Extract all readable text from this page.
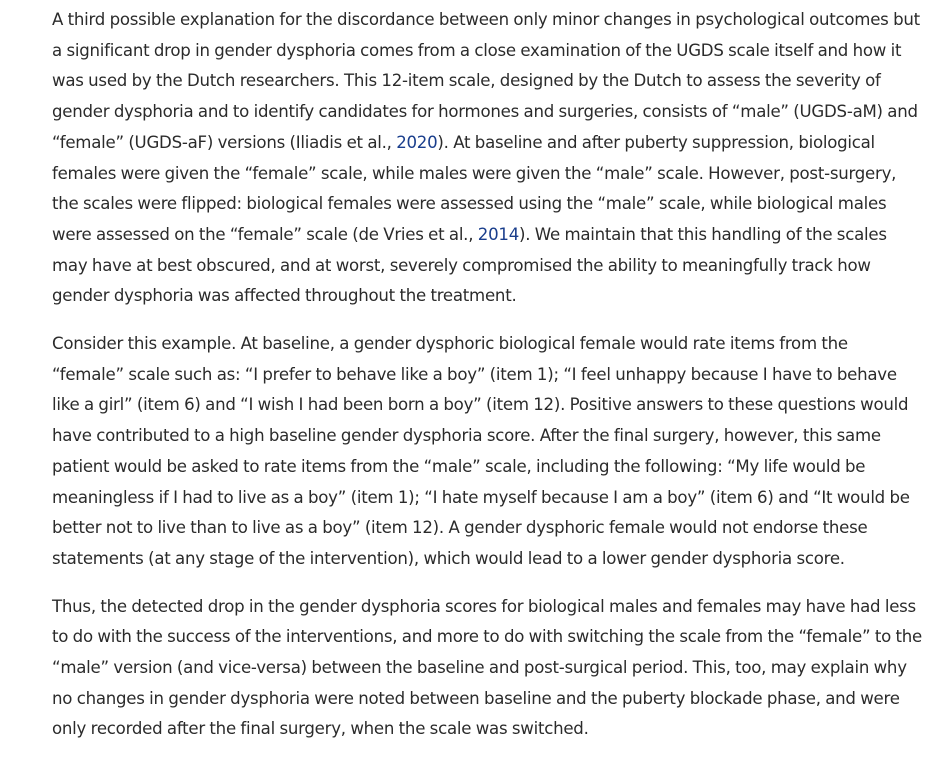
A third possible explanation for the discordance between only minor changes in psychological outcomes but a significant drop in gender dysphoria comes from a close examination of the UGDS scale itself and how it was used by the Dutch researchers. This 12-item scale, designed by the Dutch to assess the severity of gender dysphoria and to identify candidates for hormones and surgeries, consists of “male” (UGDS-aM) and “female” (UGDS-aF) versions (Iliadis et al., 2020). At baseline and after puberty suppression, biological females were given the “female” scale, while males were given the “male” scale. However, post-surgery, the scales were flipped: biological females were assessed using the “male” scale, while biological males were assessed on the “female” scale (de Vries et al., 2014). We maintain that this handling of the scales may have at best obscured, and at worst, severely compromised the ability to meaningfully track how gender dysphoria was affected throughout the treatment.

Consider this example. At baseline, a gender dysphoric biological female would rate items from the “female” scale such as: “I prefer to behave like a boy” (item 1); “I feel unhappy because I have to behave like a girl” (item 6) and “I wish I had been born a boy” (item 12). Positive answers to these questions would have contributed to a high baseline gender dysphoria score. After the final surgery, however, this same patient would be asked to rate items from the “male” scale, including the following: “My life would be meaningless if I had to live as a boy” (item 1); “I hate myself because I am a boy” (item 6) and “It would be better not to live than to live as a boy” (item 12). A gender dysphoric female would not endorse these statements (at any stage of the intervention), which would lead to a lower gender dysphoria score.

Thus, the detected drop in the gender dysphoria scores for biological males and females may have had less to do with the success of the interventions, and more to do with switching the scale from the “female” to the “male” version (and vice-versa) between the baseline and post-surgical period. This, too, may explain why no changes in gender dysphoria were noted between baseline and the puberty blockade phase, and were only recorded after the final surgery, when the scale was switched.
